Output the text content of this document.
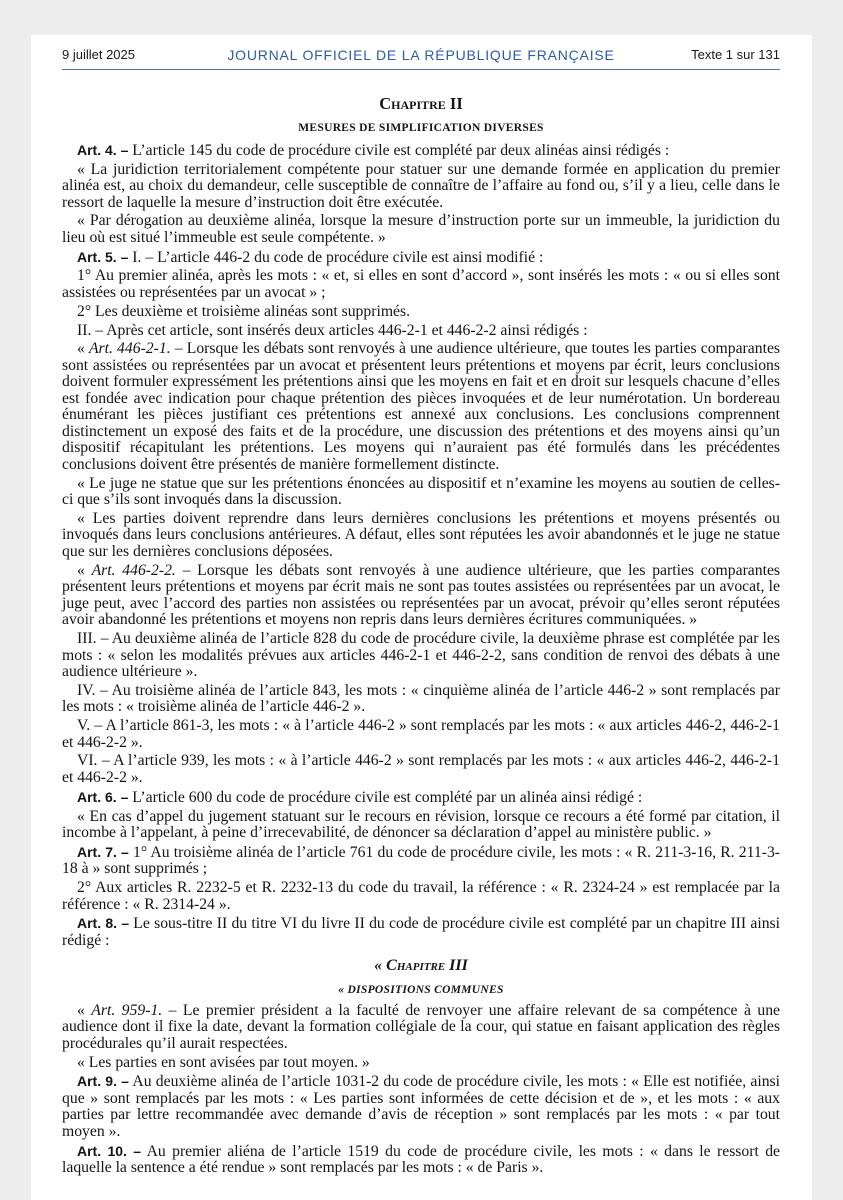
9 juillet 2025	JOURNAL OFFICIEL DE LA RÉPUBLIQUE FRANÇAISE	Texte 1 sur 131
Chapitre II
MESURES DE SIMPLIFICATION DIVERSES

Art. 4. – L’article 145 du code de procédure civile est complété par deux alinéas ainsi rédigés :

« La juridiction territorialement compétente pour statuer sur une demande formée en application du premier alinéa est, au choix du demandeur, celle susceptible de connaître de l’affaire au fond ou, s’il y a lieu, celle dans le ressort de laquelle la mesure d’instruction doit être exécutée.

« Par dérogation au deuxième alinéa, lorsque la mesure d’instruction porte sur un immeuble, la juridiction du lieu où est situé l’immeuble est seule compétente. »

Art. 5. – I. – L’article 446-2 du code de procédure civile est ainsi modifié :

1° Au premier alinéa, après les mots : « et, si elles en sont d’accord », sont insérés les mots : « ou si elles sont assistées ou représentées par un avocat » ;

2° Les deuxième et troisième alinéas sont supprimés.

II. – Après cet article, sont insérés deux articles 446-2-1 et 446-2-2 ainsi rédigés :

« Art. 446-2-1. – Lorsque les débats sont renvoyés à une audience ultérieure, que toutes les parties comparantes sont assistées ou représentées par un avocat et présentent leurs prétentions et moyens par écrit, leurs conclusions doivent formuler expressément les prétentions ainsi que les moyens en fait et en droit sur lesquels chacune d’elles est fondée avec indication pour chaque prétention des pièces invoquées et de leur numérotation. Un bordereau énumérant les pièces justifiant ces prétentions est annexé aux conclusions. Les conclusions comprennent distinctement un exposé des faits et de la procédure, une discussion des prétentions et des moyens ainsi qu’un dispositif récapitulant les prétentions. Les moyens qui n’auraient pas été formulés dans les précédentes conclusions doivent être présentés de manière formellement distincte.

« Le juge ne statue que sur les prétentions énoncées au dispositif et n’examine les moyens au soutien de celles-ci que s’ils sont invoqués dans la discussion.

« Les parties doivent reprendre dans leurs dernières conclusions les prétentions et moyens présentés ou invoqués dans leurs conclusions antérieures. A défaut, elles sont réputées les avoir abandonnés et le juge ne statue que sur les dernières conclusions déposées.

« Art. 446-2-2. – Lorsque les débats sont renvoyés à une audience ultérieure, que les parties comparantes présentent leurs prétentions et moyens par écrit mais ne sont pas toutes assistées ou représentées par un avocat, le juge peut, avec l’accord des parties non assistées ou représentées par un avocat, prévoir qu’elles seront réputées avoir abandonné les prétentions et moyens non repris dans leurs dernières écritures communiquées. »

III. – Au deuxième alinéa de l’article 828 du code de procédure civile, la deuxième phrase est complétée par les mots : « selon les modalités prévues aux articles 446-2-1 et 446-2-2, sans condition de renvoi des débats à une audience ultérieure ».

IV. – Au troisième alinéa de l’article 843, les mots : « cinquième alinéa de l’article 446-2 » sont remplacés par les mots : « troisième alinéa de l’article 446-2 ».

V. – A l’article 861-3, les mots : « à l’article 446-2 » sont remplacés par les mots : « aux articles 446-2, 446-2-1 et 446-2-2 ».

VI. – A l’article 939, les mots : « à l’article 446-2 » sont remplacés par les mots : « aux articles 446-2, 446-2-1 et 446-2-2 ».

Art. 6. – L’article 600 du code de procédure civile est complété par un alinéa ainsi rédigé :

« En cas d’appel du jugement statuant sur le recours en révision, lorsque ce recours a été formé par citation, il incombe à l’appelant, à peine d’irrecevabilité, de dénoncer sa déclaration d’appel au ministère public. »

Art. 7. – 1° Au troisième alinéa de l’article 761 du code de procédure civile, les mots : « R. 211-3-16, R. 211-3-18 à » sont supprimés ;

2° Aux articles R. 2232-5 et R. 2232-13 du code du travail, la référence : « R. 2324-24 » est remplacée par la référence : « R. 2314-24 ».

Art. 8. – Le sous-titre II du titre VI du livre II du code de procédure civile est complété par un chapitre III ainsi rédigé :

« Chapitre III
« DISPOSITIONS COMMUNES

« Art. 959-1. – Le premier président a la faculté de renvoyer une affaire relevant de sa compétence à une audience dont il fixe la date, devant la formation collégiale de la cour, qui statue en faisant application des règles procédurales qu’il aurait respectées.

« Les parties en sont avisées par tout moyen. »

Art. 9. – Au deuxième alinéa de l’article 1031-2 du code de procédure civile, les mots : « Elle est notifiée, ainsi que » sont remplacés par les mots : « Les parties sont informées de cette décision et de », et les mots : « aux parties par lettre recommandée avec demande d’avis de réception » sont remplacés par les mots : « par tout moyen ».

Art. 10. – Au premier aliéna de l’article 1519 du code de procédure civile, les mots : « dans le ressort de laquelle la sentence a été rendue » sont remplacés par les mots : « de Paris ».
